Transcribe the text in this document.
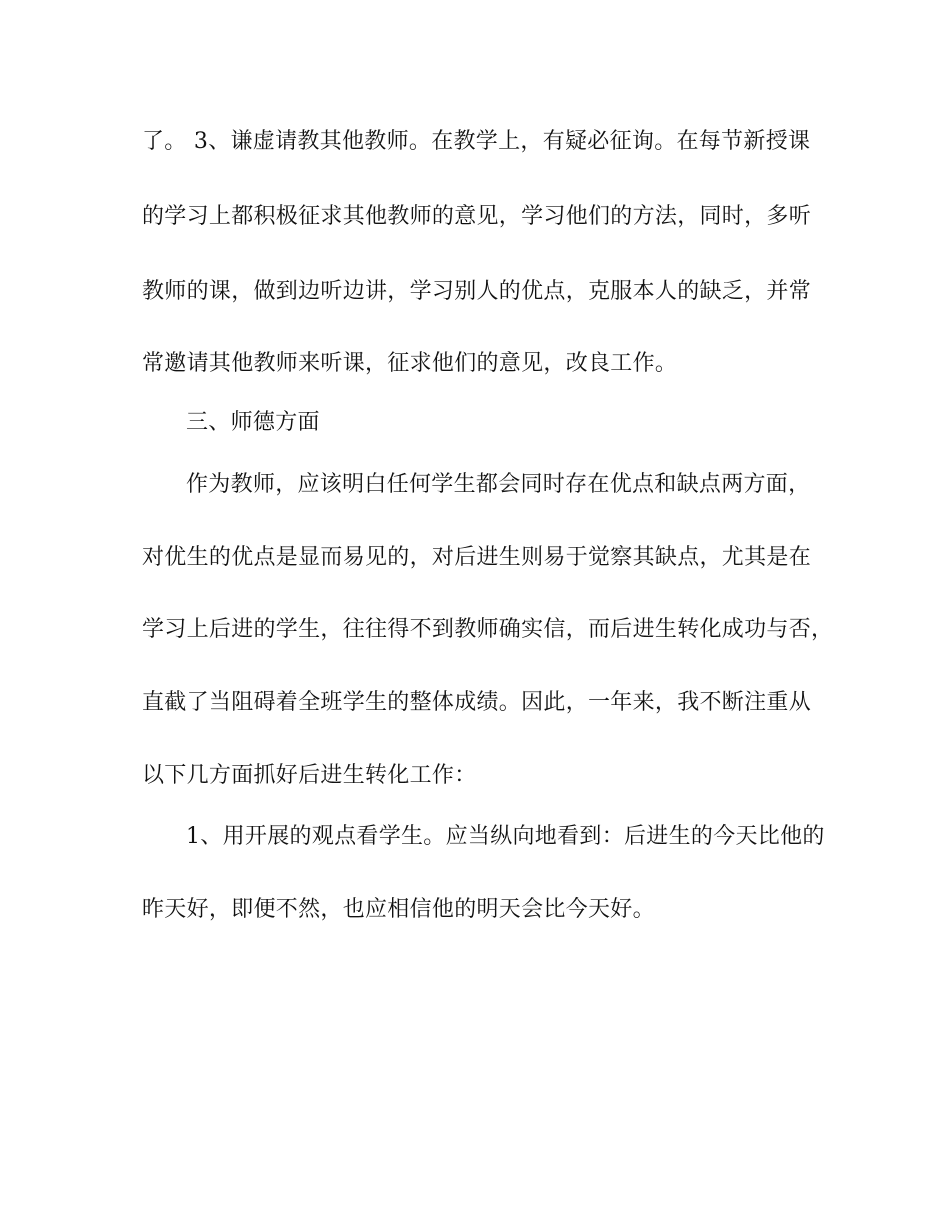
了。 3、谦虚请教其他教师。在教学上，有疑必征询。在每节新授课
的学习上都积极征求其他教师的意见，学习他们的方法，同时，多听
教师的课，做到边听边讲，学习别人的优点，克服本人的缺乏，并常
常邀请其他教师来听课，征求他们的意见，改良工作。
三、师德方面
作为教师，应该明白任何学生都会同时存在优点和缺点两方面，
对优生的优点是显而易见的，对后进生则易于觉察其缺点，尤其是在
学习上后进的学生，往往得不到教师确实信，而后进生转化成功与否，
直截了当阻碍着全班学生的整体成绩。因此，一年来，我不断注重从
以下几方面抓好后进生转化工作：
1、用开展的观点看学生。应当纵向地看到：后进生的今天比他的
昨天好，即便不然，也应相信他的明天会比今天好。
